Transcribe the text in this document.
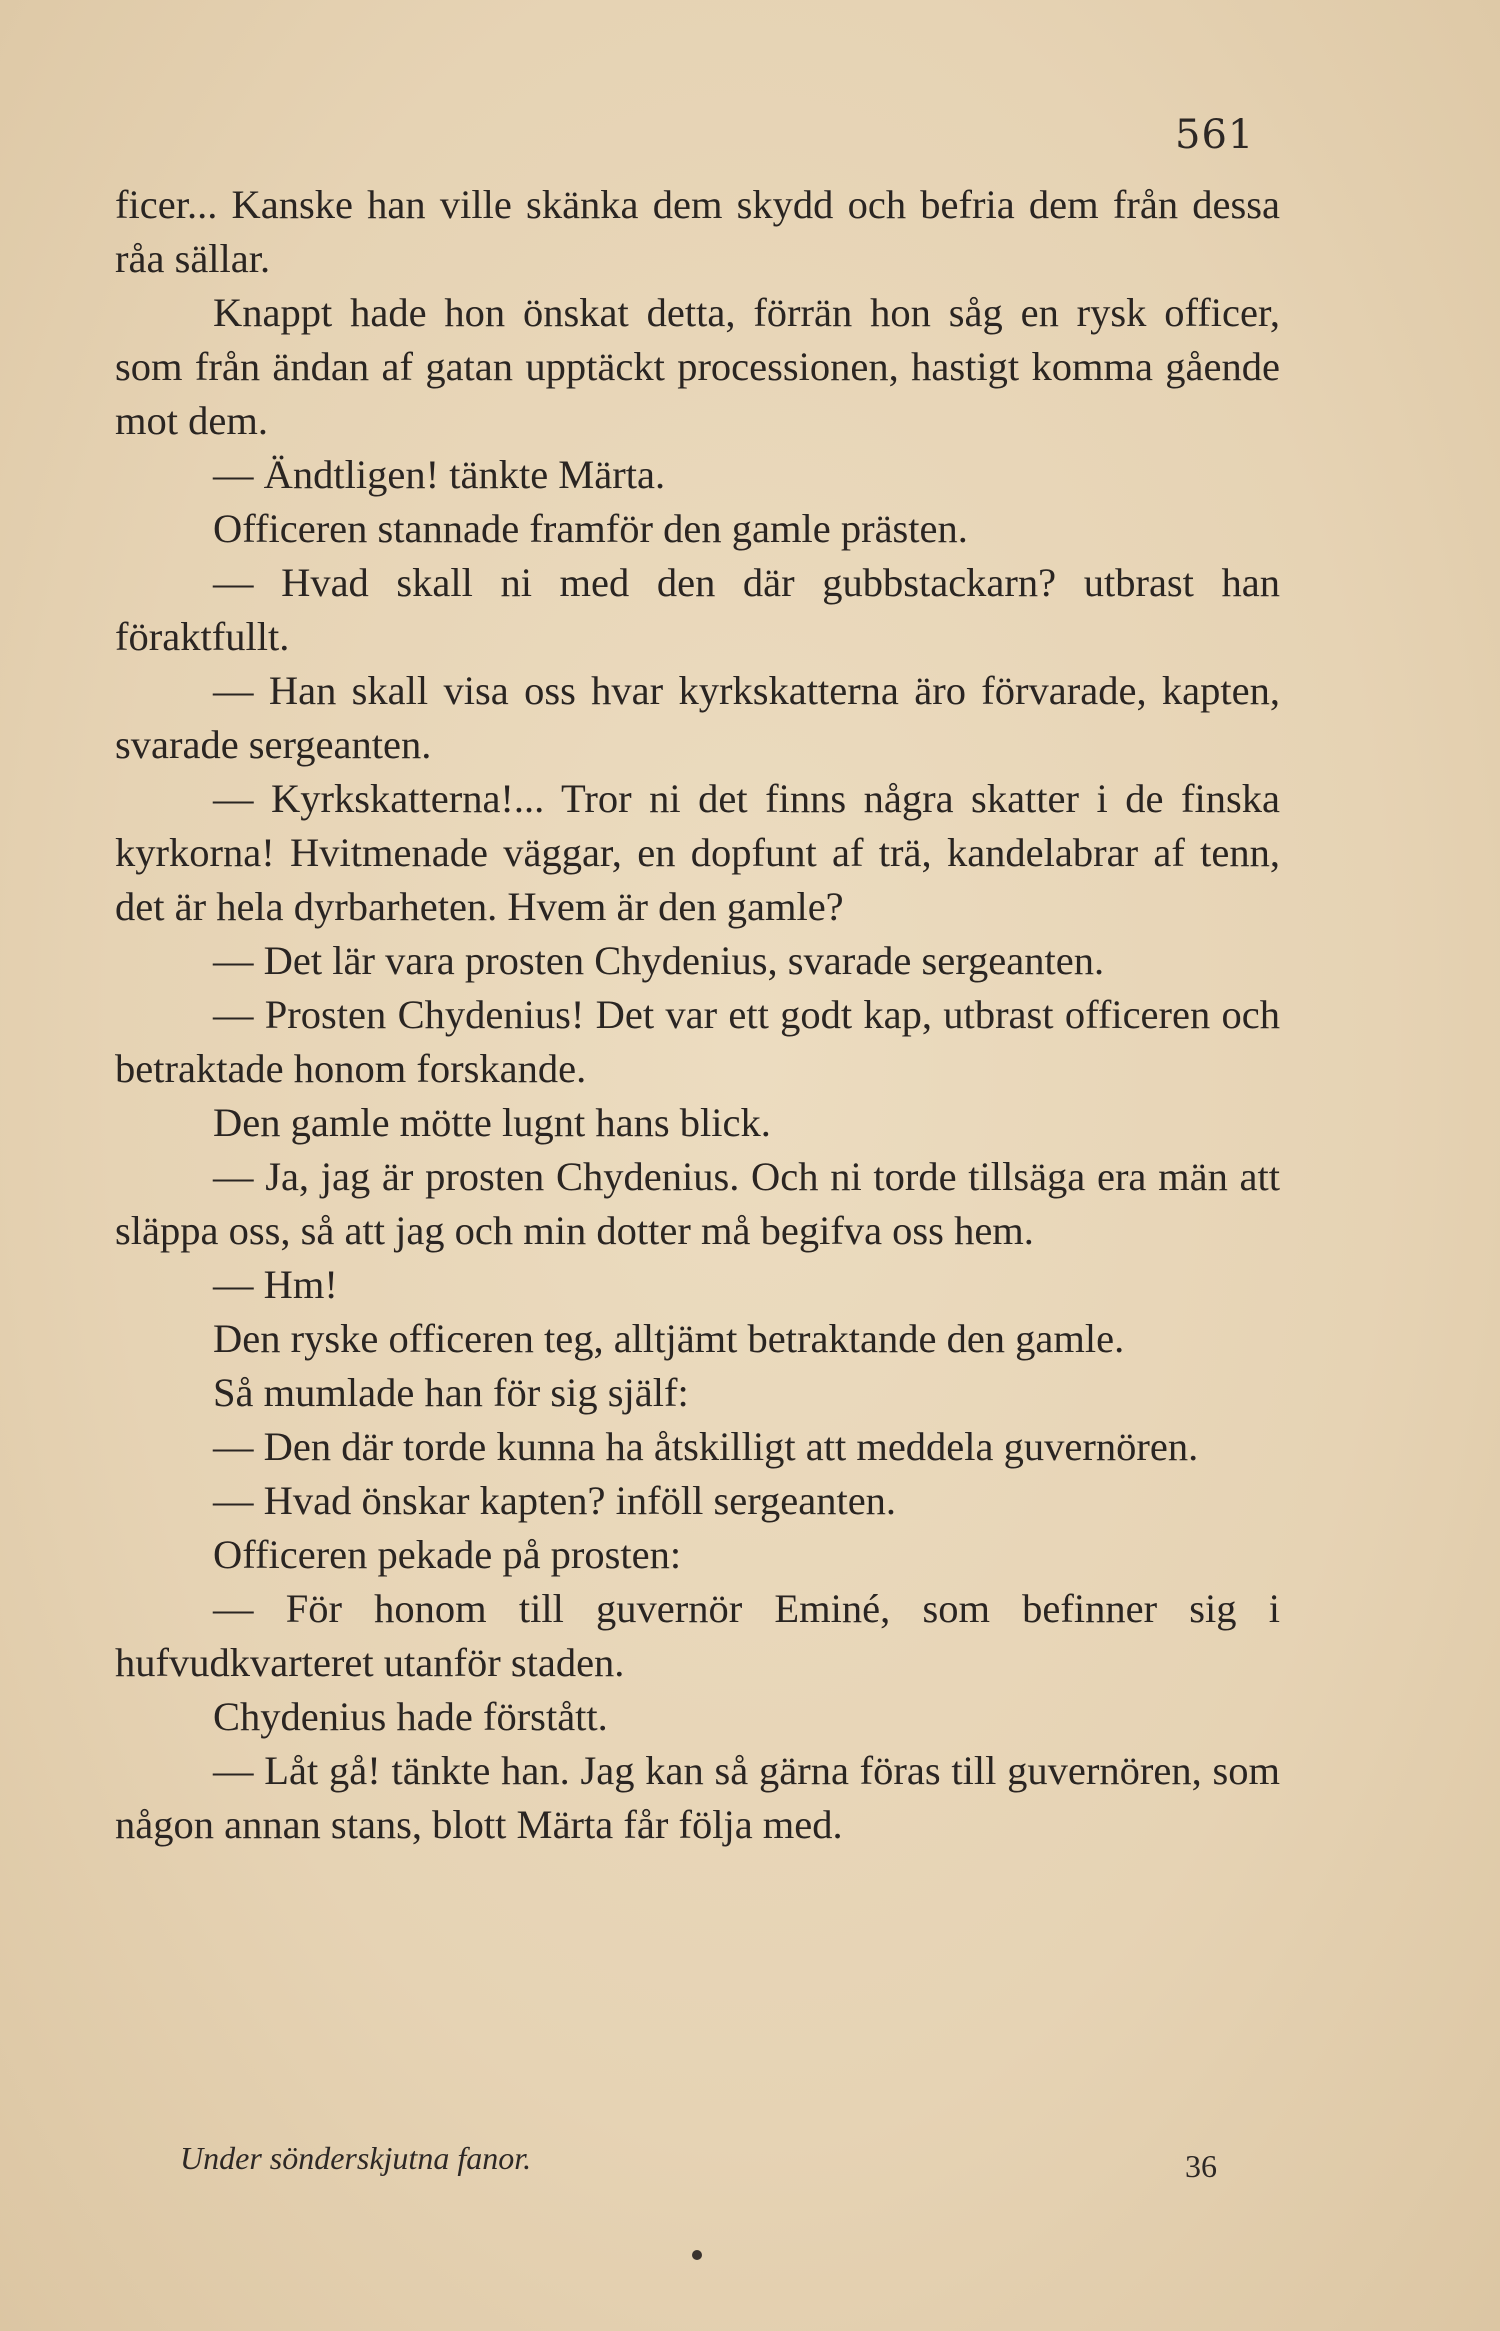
561

ficer... Kanske han ville skänka dem skydd och befria dem från dessa råa sällar.

Knappt hade hon önskat detta, förrän hon såg en rysk officer, som från ändan af gatan upptäckt processionen, hastigt komma gående mot dem.

— Ändtligen! tänkte Märta.

Officeren stannade framför den gamle prästen.

— Hvad skall ni med den där gubbstackarn? utbrast han föraktfullt.

— Han skall visa oss hvar kyrkskatterna äro förvarade, kapten, svarade sergeanten.

— Kyrkskatterna!... Tror ni det finns några skatter i de finska kyrkorna! Hvitmenade väggar, en dopfunt af trä, kandelabrar af tenn, det är hela dyrbarheten. Hvem är den gamle?

— Det lär vara prosten Chydenius, svarade sergeanten.

— Prosten Chydenius! Det var ett godt kap, utbrast officeren och betraktade honom forskande.

Den gamle mötte lugnt hans blick.

— Ja, jag är prosten Chydenius. Och ni torde tillsäga era män att släppa oss, så att jag och min dotter må begifva oss hem.

— Hm!

Den ryske officeren teg, alltjämt betraktande den gamle.

Så mumlade han för sig själf:

— Den där torde kunna ha åtskilligt att meddela guvernören.

— Hvad önskar kapten? inföll sergeanten.

Officeren pekade på prosten:

— För honom till guvernör Eminé, som befinner sig i hufvudkvarteret utanför staden.

Chydenius hade förstått.

— Låt gå! tänkte han. Jag kan så gärna föras till guvernören, som någon annan stans, blott Märta får följa med.

Under sönderskjutna fanor.	36
